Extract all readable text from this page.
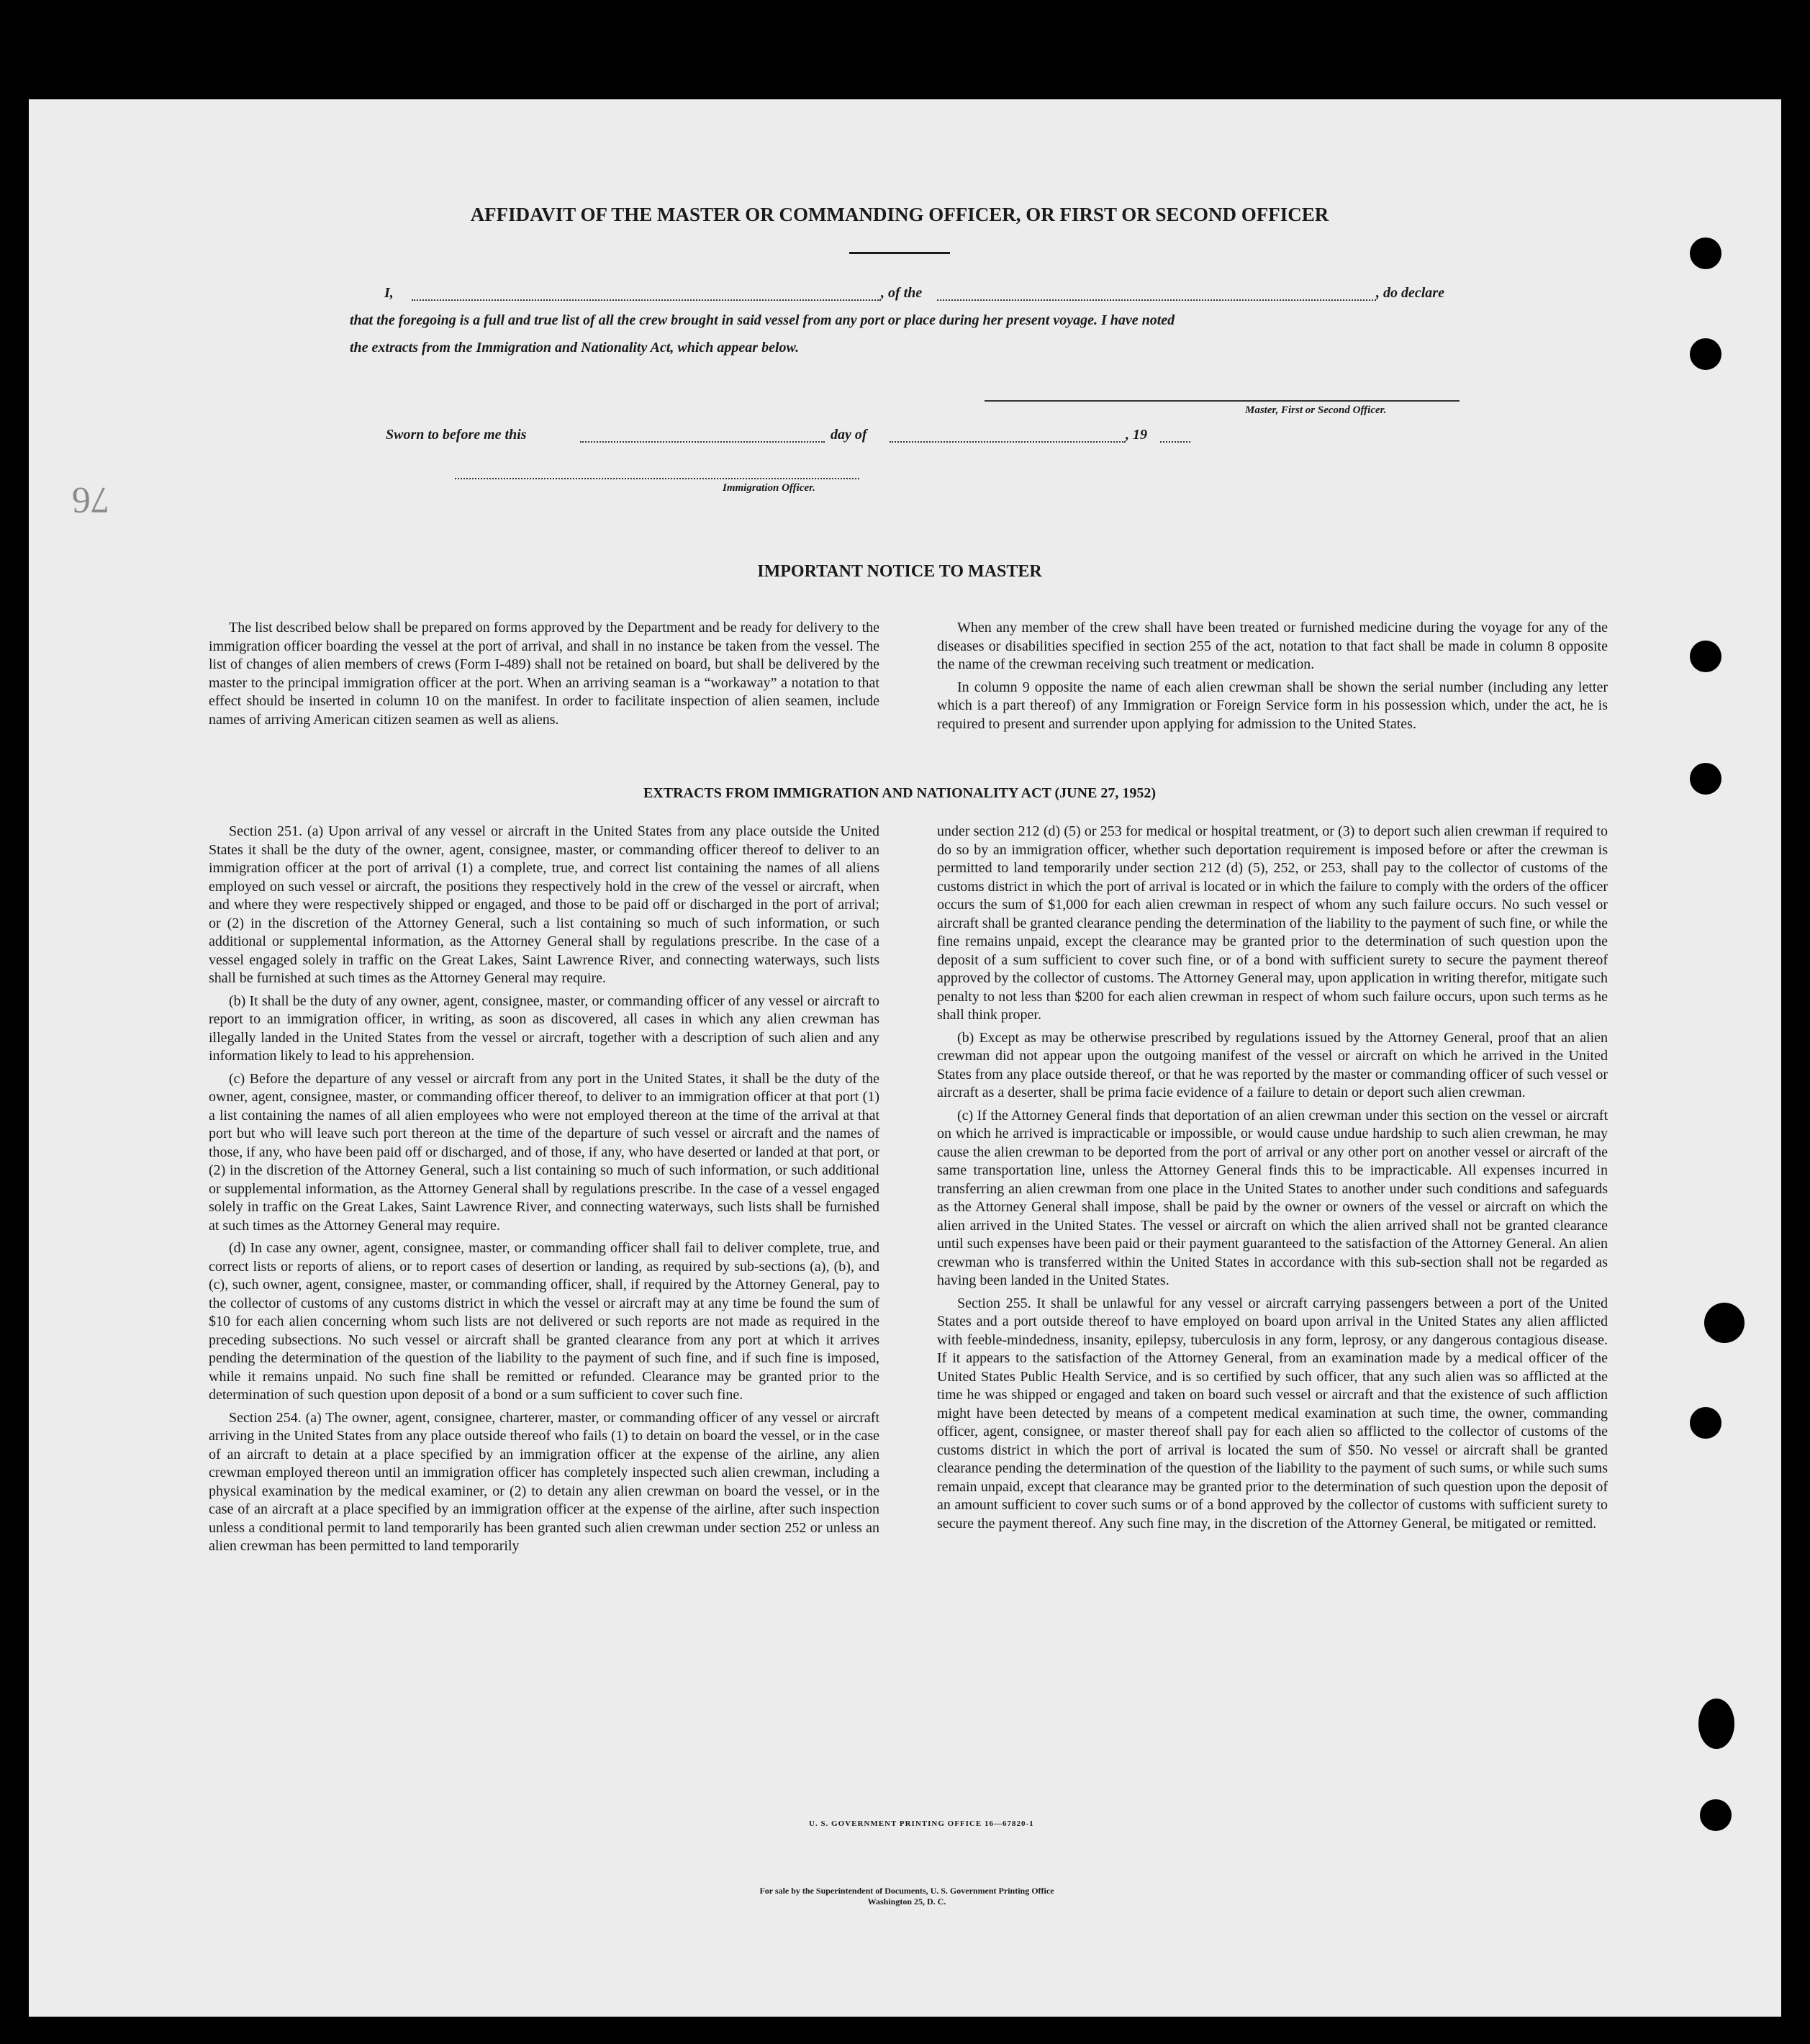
76
AFFIDAVIT OF THE MASTER OR COMMANDING OFFICER, OR FIRST OR SECOND OFFICER
I,	, of the	, do declare
that the foregoing is a full and true list of all the crew brought in said vessel from any port or place during her present voyage. I have noted
the extracts from the Immigration and Nationality Act, which appear below.
Master, First or Second Officer.
Sworn to before me this	day of	, 19
Immigration Officer.
IMPORTANT NOTICE TO MASTER

The list described below shall be prepared on forms approved by the Department and be ready for delivery to the immigration officer boarding the vessel at the port of arrival, and shall in no instance be taken from the vessel. The list of changes of alien members of crews (Form I-489) shall not be retained on board, but shall be delivered by the master to the principal immigration officer at the port. When an arriving seaman is a “workaway” a notation to that effect should be inserted in column 10 on the manifest. In order to facilitate inspection of alien seamen, include names of arriving American citizen seamen as well as aliens.

When any member of the crew shall have been treated or furnished medicine during the voyage for any of the diseases or disabilities specified in section 255 of the act, notation to that fact shall be made in column 8 opposite the name of the crewman receiving such treatment or medication.

In column 9 opposite the name of each alien crewman shall be shown the serial number (including any letter which is a part thereof) of any Immigration or Foreign Service form in his possession which, under the act, he is required to present and surrender upon applying for admission to the United States.

EXTRACTS FROM IMMIGRATION AND NATIONALITY ACT (JUNE 27, 1952)

Section 251. (a) Upon arrival of any vessel or aircraft in the United States from any place outside the United States it shall be the duty of the owner, agent, consignee, master, or commanding officer thereof to deliver to an immigration officer at the port of arrival (1) a complete, true, and correct list containing the names of all aliens employed on such vessel or aircraft, the positions they respectively hold in the crew of the vessel or aircraft, when and where they were respectively shipped or engaged, and those to be paid off or discharged in the port of arrival; or (2) in the discretion of the Attorney General, such a list containing so much of such information, or such additional or supplemental information, as the Attorney General shall by regulations prescribe. In the case of a vessel engaged solely in traffic on the Great Lakes, Saint Lawrence River, and connecting waterways, such lists shall be furnished at such times as the Attorney General may require.

(b) It shall be the duty of any owner, agent, consignee, master, or commanding officer of any vessel or aircraft to report to an immigration officer, in writing, as soon as discovered, all cases in which any alien crewman has illegally landed in the United States from the vessel or aircraft, together with a description of such alien and any information likely to lead to his apprehension.

(c) Before the departure of any vessel or aircraft from any port in the United States, it shall be the duty of the owner, agent, consignee, master, or commanding officer thereof, to deliver to an immigration officer at that port (1) a list containing the names of all alien employees who were not employed thereon at the time of the arrival at that port but who will leave such port thereon at the time of the departure of such vessel or aircraft and the names of those, if any, who have been paid off or discharged, and of those, if any, who have deserted or landed at that port, or (2) in the discretion of the Attorney General, such a list containing so much of such information, or such additional or supplemental information, as the Attorney General shall by regulations prescribe. In the case of a vessel engaged solely in traffic on the Great Lakes, Saint Lawrence River, and connecting waterways, such lists shall be furnished at such times as the Attorney General may require.

(d) In case any owner, agent, consignee, master, or commanding officer shall fail to deliver complete, true, and correct lists or reports of aliens, or to report cases of desertion or landing, as required by sub-sections (a), (b), and (c), such owner, agent, consignee, master, or commanding officer, shall, if required by the Attorney General, pay to the collector of customs of any customs district in which the vessel or aircraft may at any time be found the sum of $10 for each alien concerning whom such lists are not delivered or such reports are not made as required in the preceding subsections. No such vessel or aircraft shall be granted clearance from any port at which it arrives pending the determination of the question of the liability to the payment of such fine, and if such fine is imposed, while it remains unpaid. No such fine shall be remitted or refunded. Clearance may be granted prior to the determination of such question upon deposit of a bond or a sum sufficient to cover such fine.

Section 254. (a) The owner, agent, consignee, charterer, master, or commanding officer of any vessel or aircraft arriving in the United States from any place outside thereof who fails (1) to detain on board the vessel, or in the case of an aircraft to detain at a place specified by an immigration officer at the expense of the airline, any alien crewman employed thereon until an immigration officer has completely inspected such alien crewman, including a physical examination by the medical examiner, or (2) to detain any alien crewman on board the vessel, or in the case of an aircraft at a place specified by an immigration officer at the expense of the airline, after such inspection unless a conditional permit to land temporarily has been granted such alien crewman under section 252 or unless an alien crewman has been permitted to land temporarily

under section 212 (d) (5) or 253 for medical or hospital treatment, or (3) to deport such alien crewman if required to do so by an immigration officer, whether such deportation requirement is imposed before or after the crewman is permitted to land temporarily under section 212 (d) (5), 252, or 253, shall pay to the collector of customs of the customs district in which the port of arrival is located or in which the failure to comply with the orders of the officer occurs the sum of $1,000 for each alien crewman in respect of whom any such failure occurs. No such vessel or aircraft shall be granted clearance pending the determination of the liability to the payment of such fine, or while the fine remains unpaid, except the clearance may be granted prior to the determination of such question upon the deposit of a sum sufficient to cover such fine, or of a bond with sufficient surety to secure the payment thereof approved by the collector of customs. The Attorney General may, upon application in writing therefor, mitigate such penalty to not less than $200 for each alien crewman in respect of whom such failure occurs, upon such terms as he shall think proper.

(b) Except as may be otherwise prescribed by regulations issued by the Attorney General, proof that an alien crewman did not appear upon the outgoing manifest of the vessel or aircraft on which he arrived in the United States from any place outside thereof, or that he was reported by the master or commanding officer of such vessel or aircraft as a deserter, shall be prima facie evidence of a failure to detain or deport such alien crewman.

(c) If the Attorney General finds that deportation of an alien crewman under this section on the vessel or aircraft on which he arrived is impracticable or impossible, or would cause undue hardship to such alien crewman, he may cause the alien crewman to be deported from the port of arrival or any other port on another vessel or aircraft of the same transportation line, unless the Attorney General finds this to be impracticable. All expenses incurred in transferring an alien crewman from one place in the United States to another under such conditions and safeguards as the Attorney General shall impose, shall be paid by the owner or owners of the vessel or aircraft on which the alien arrived in the United States. The vessel or aircraft on which the alien arrived shall not be granted clearance until such expenses have been paid or their payment guaranteed to the satisfaction of the Attorney General. An alien crewman who is transferred within the United States in accordance with this sub-section shall not be regarded as having been landed in the United States.

Section 255. It shall be unlawful for any vessel or aircraft carrying passengers between a port of the United States and a port outside thereof to have employed on board upon arrival in the United States any alien afflicted with feeble-mindedness, insanity, epilepsy, tuberculosis in any form, leprosy, or any dangerous contagious disease. If it appears to the satisfaction of the Attorney General, from an examination made by a medical officer of the United States Public Health Service, and is so certified by such officer, that any such alien was so afflicted at the time he was shipped or engaged and taken on board such vessel or aircraft and that the existence of such affliction might have been detected by means of a competent medical examination at such time, the owner, commanding officer, agent, consignee, or master thereof shall pay for each alien so afflicted to the collector of customs of the customs district in which the port of arrival is located the sum of $50. No vessel or aircraft shall be granted clearance pending the determination of the question of the liability to the payment of such sums, or while such sums remain unpaid, except that clearance may be granted prior to the determination of such question upon the deposit of an amount sufficient to cover such sums or of a bond approved by the collector of customs with sufficient surety to secure the payment thereof. Any such fine may, in the discretion of the Attorney General, be mitigated or remitted.

U. S. GOVERNMENT PRINTING OFFICE 16—67820-1
For sale by the Superintendent of Documents, U. S. Government Printing Office
Washington 25, D. C.
